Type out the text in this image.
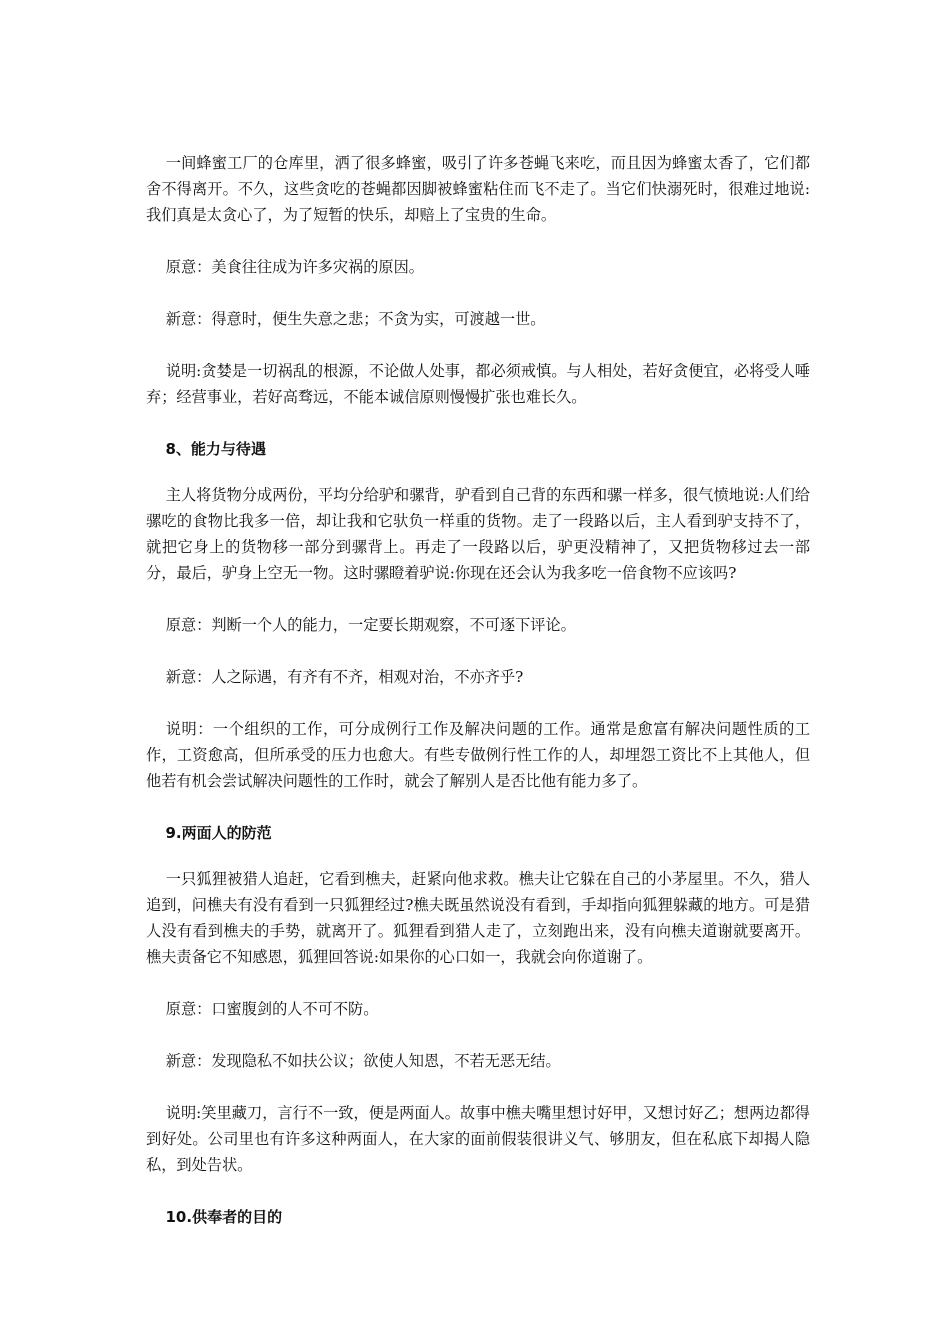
一间蜂蜜工厂的仓库里，洒了很多蜂蜜，吸引了许多苍蝇飞来吃，而且因为蜂蜜太香了，它们都舍不得离开。不久，这些贪吃的苍蝇都因脚被蜂蜜粘住而飞不走了。当它们快溺死时，很难过地说:我们真是太贪心了，为了短暂的快乐，却赔上了宝贵的生命。

原意：美食往往成为许多灾祸的原因。

新意：得意时，便生失意之悲；不贪为实，可渡越一世。

说明:贪婪是一切祸乱的根源，不论做人处事，都必须戒慎。与人相处，若好贪便宜，必将受人唾弃；经营事业，若好高骛远，不能本诚信原则慢慢扩张也难长久。

8、能力与待遇

主人将货物分成两份，平均分给驴和骡背，驴看到自己背的东西和骡一样多，很气愤地说:人们给骡吃的食物比我多一倍，却让我和它驮负一样重的货物。走了一段路以后，主人看到驴支持不了，就把它身上的货物移一部分到骡背上。再走了一段路以后，驴更没精神了，又把货物移过去一部分，最后，驴身上空无一物。这时骡瞪着驴说:你现在还会认为我多吃一倍食物不应该吗?

原意：判断一个人的能力，一定要长期观察，不可逐下评论。

新意：人之际遇，有齐有不齐，相观对治，不亦齐乎?

说明：一个组织的工作，可分成例行工作及解决问题的工作。通常是愈富有解决问题性质的工作，工资愈高，但所承受的压力也愈大。有些专做例行性工作的人，却埋怨工资比不上其他人，但他若有机会尝试解决问题性的工作时，就会了解别人是否比他有能力多了。

9.两面人的防范

一只狐狸被猎人追赶，它看到樵夫，赶紧向他求救。樵夫让它躲在自己的小茅屋里。不久，猎人追到，问樵夫有没有看到一只狐狸经过?樵夫既虽然说没有看到，手却指向狐狸躲藏的地方。可是猎人没有看到樵夫的手势，就离开了。狐狸看到猎人走了，立刻跑出来，没有向樵夫道谢就要离开。樵夫责备它不知感恩，狐狸回答说:如果你的心口如一，我就会向你道谢了。

原意：口蜜腹剑的人不可不防。

新意：发现隐私不如扶公议；欲使人知恩，不若无恶无结。

说明:笑里藏刀，言行不一致，便是两面人。故事中樵夫嘴里想讨好甲，又想讨好乙；想两边都得到好处。公司里也有许多这种两面人，在大家的面前假装很讲义气、够朋友，但在私底下却揭人隐私，到处告状。

10.供奉者的目的
